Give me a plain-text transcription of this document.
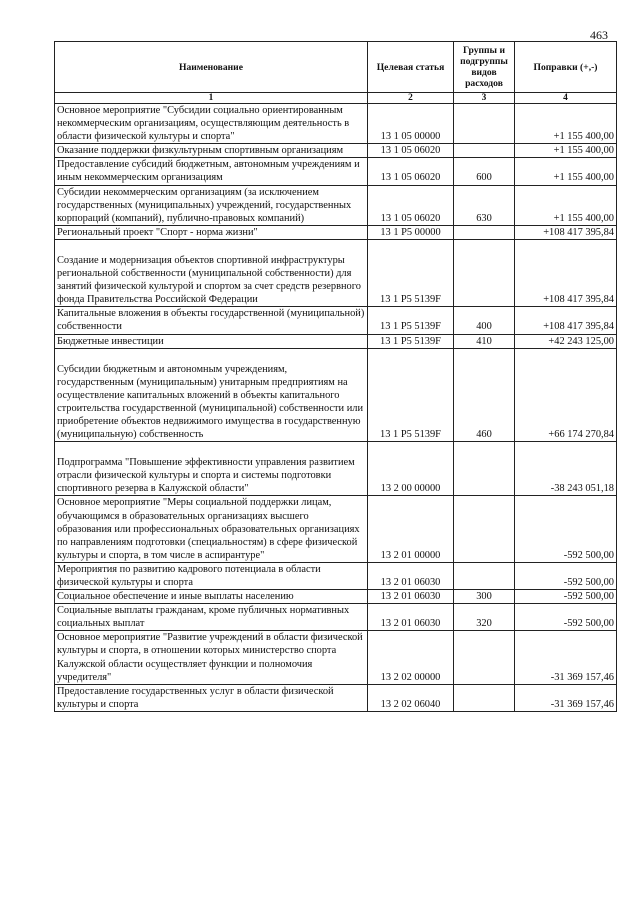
463
Наименование	Целевая статья	Группы и подгруппы видов расходов	Поправки (+,-)
1	2	3	4
Основное мероприятие "Субсидии социально ориентированным некоммерческим организациям, осуществляющим деятельность в области физической культуры и спорта"	13 1 05 00000		+1 155 400,00
Оказание поддержки физкультурным спортивным организациям	13 1 05 06020		+1 155 400,00
Предоставление субсидий бюджетным, автономным учреждениям и иным некоммерческим организациям	13 1 05 06020	600	+1 155 400,00
Субсидии некоммерческим организациям (за исключением государственных (муниципальных) учреждений, государственных корпораций (компаний), публично-правовых компаний)	13 1 05 06020	630	+1 155 400,00
Региональный проект "Спорт - норма жизни"	13 1 P5 00000		+108 417 395,84
Создание и модернизация объектов спортивной инфраструктуры региональной собственности (муниципальной собственности) для занятий физической культурой и спортом за счет средств резервного фонда Правительства Российской Федерации	13 1 P5 5139F		+108 417 395,84
Капитальные вложения в объекты государственной (муниципальной) собственности	13 1 P5 5139F	400	+108 417 395,84
Бюджетные инвестиции	13 1 P5 5139F	410	+42 243 125,00
Субсидии бюджетным и автономным учреждениям, государственным (муниципальным) унитарным предприятиям на осуществление капитальных вложений в объекты капитального строительства государственной (муниципальной) собственности или приобретение объектов недвижимого имущества в государственную (муниципальную) собственность	13 1 P5 5139F	460	+66 174 270,84
Подпрограмма "Повышение эффективности управления развитием отрасли физической культуры и спорта и системы подготовки спортивного резерва в Калужской области"	13 2 00 00000		-38 243 051,18
Основное мероприятие "Меры социальной поддержки лицам, обучающимся в образовательных организациях высшего образования или профессиональных образовательных организациях по направлениям подготовки (специальностям) в сфере физической культуры и спорта, в том числе в аспирантуре"	13 2 01 00000		-592 500,00
Мероприятия по развитию кадрового потенциала в области физической культуры и спорта	13 2 01 06030		-592 500,00
Социальное обеспечение и иные выплаты населению	13 2 01 06030	300	-592 500,00
Социальные выплаты гражданам, кроме публичных нормативных социальных выплат	13 2 01 06030	320	-592 500,00
Основное мероприятие "Развитие учреждений в области физической культуры и спорта, в отношении которых министерство спорта Калужской области осуществляет функции и полномочия учредителя"	13 2 02 00000		-31 369 157,46
Предоставление государственных услуг в области физической культуры и спорта	13 2 02 06040		-31 369 157,46
